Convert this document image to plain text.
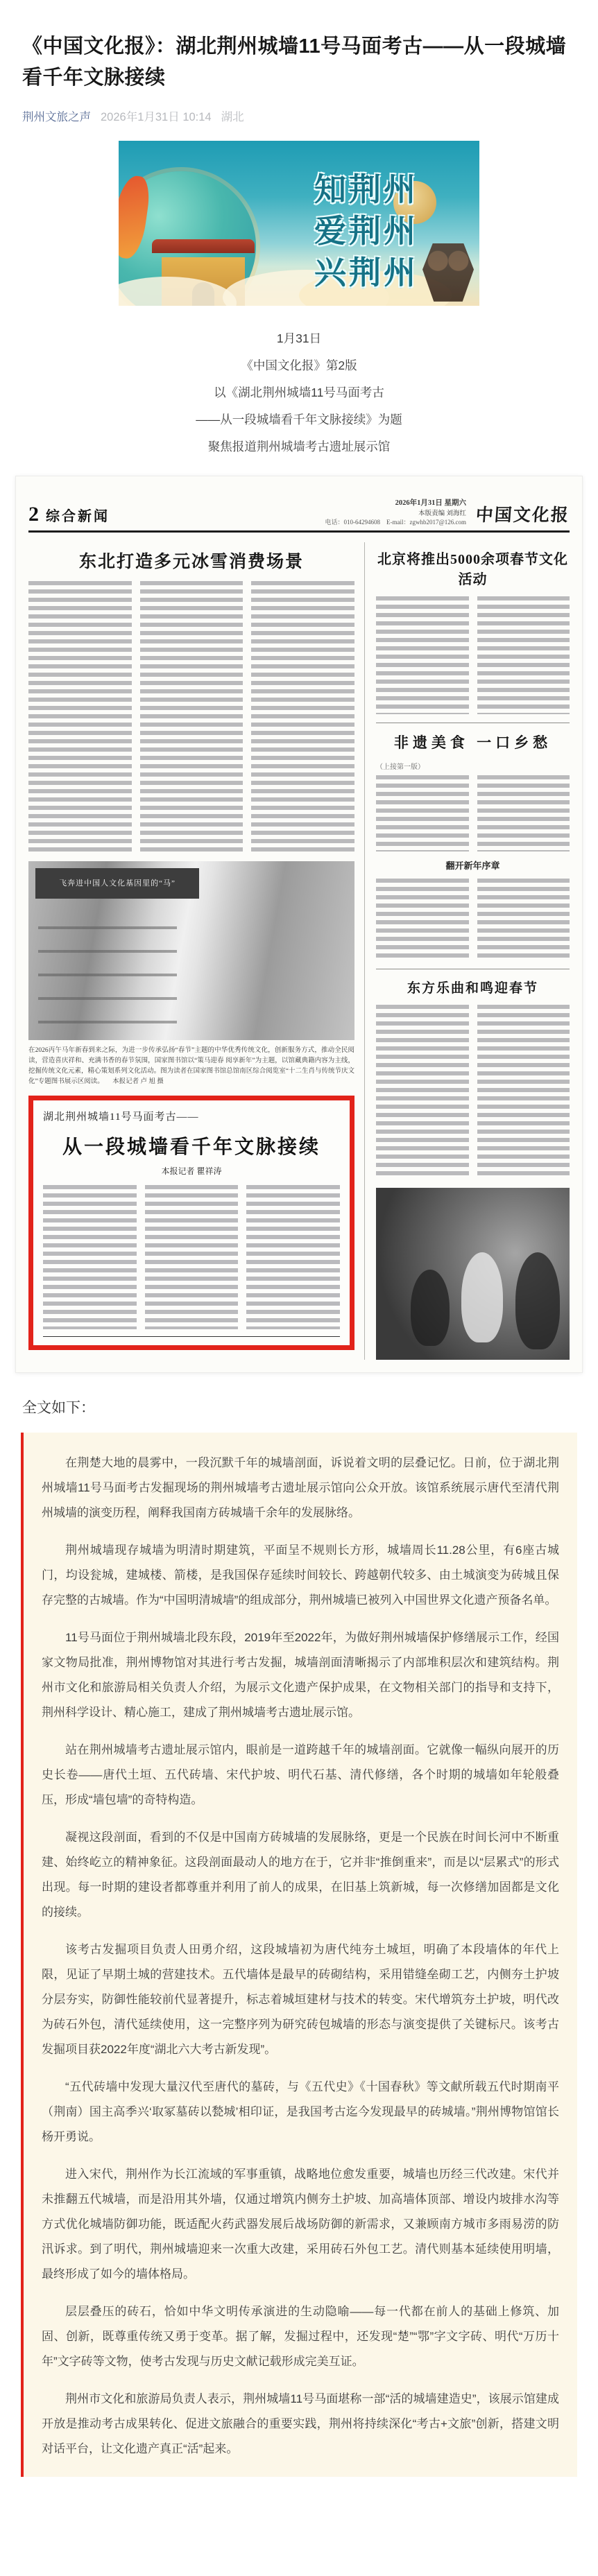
《中国文化报》：湖北荆州城墙11号马面考古——从一段城墙看千年文脉接续
荆州文旅之声 2026年1月31日 10:14 湖北
知荆州
爱荆州
兴荆州
1月31日
《中国文化报》第2版
以《湖北荆州城墙11号马面考古
——从一段城墙看千年文脉接续》为题
聚焦报道荆州城墙考古遗址展示馆
2 综合新闻
2026年1月31日 星期六
本版责编 刘海红
电话：010-64294608　E-mail：zgwhb2017@126.com 中国文化报
东北打造多元冰雪消费场景
飞奔进中国人文化基因里的“马”
在2026丙午马年新春到来之际，为进一步传承弘扬“春节”主题的中华优秀传统文化，创新服务方式，推动全民阅读，营造喜庆祥和、充满书香的春节氛围，国家图书馆以“策马迎春 阅享新年”为主题，以馆藏典籍内容为主线，挖掘传统文化元素，精心策划系列文化活动。图为读者在国家图书馆总馆南区综合阅览室“十二生肖与传统节庆文化”专题图书展示区阅读。 本报记者 卢 旭 摄
湖北荆州城墙11号马面考古——
从一段城墙看千年文脉接续
本报记者 瞿祥涛
北京将推出5000余项春节文化活动
非遗美食 一口乡愁
（上接第一版）
翻开新年序章
东方乐曲和鸣迎春节
全文如下：

在荆楚大地的晨雾中，一段沉默千年的城墙剖面，诉说着文明的层叠记忆。日前，位于湖北荆州城墙11号马面考古发掘现场的荆州城墙考古遗址展示馆向公众开放。该馆系统展示唐代至清代荆州城墙的演变历程，阐释我国南方砖城墙千余年的发展脉络。

荆州城墙现存城墙为明清时期建筑，平面呈不规则长方形，城墙周长11.28公里，有6座古城门，均设瓮城，建城楼、箭楼，是我国保存延续时间较长、跨越朝代较多、由土城演变为砖城且保存完整的古城墙。作为“中国明清城墙”的组成部分，荆州城墙已被列入中国世界文化遗产预备名单。

11号马面位于荆州城墙北段东段，2019年至2022年，为做好荆州城墙保护修缮展示工作，经国家文物局批准，荆州博物馆对其进行考古发掘，城墙剖面清晰揭示了内部堆积层次和建筑结构。荆州市文化和旅游局相关负责人介绍，为展示文化遗产保护成果，在文物相关部门的指导和支持下，荆州科学设计、精心施工，建成了荆州城墙考古遗址展示馆。

站在荆州城墙考古遗址展示馆内，眼前是一道跨越千年的城墙剖面。它就像一幅纵向展开的历史长卷——唐代土垣、五代砖墙、宋代护坡、明代石基、清代修缮，各个时期的城墙如年轮般叠压，形成“墙包墙”的奇特构造。

凝视这段剖面，看到的不仅是中国南方砖城墙的发展脉络，更是一个民族在时间长河中不断重建、始终屹立的精神象征。这段剖面最动人的地方在于，它并非“推倒重来”，而是以“层累式”的形式出现。每一时期的建设者都尊重并利用了前人的成果，在旧基上筑新城，每一次修缮加固都是文化的接续。

该考古发掘项目负责人田勇介绍，这段城墙初为唐代纯夯土城垣，明确了本段墙体的年代上限，见证了早期土城的营建技术。五代墙体是最早的砖砌结构，采用错缝垒砌工艺，内侧夯土护坡分层夯实，防御性能较前代显著提升，标志着城垣建材与技术的转变。宋代增筑夯土护坡，明代改为砖石外包，清代延续使用，这一完整序列为研究砖包城墙的形态与演变提供了关键标尺。该考古发掘项目获2022年度“湖北六大考古新发现”。

“五代砖墙中发现大量汉代至唐代的墓砖，与《五代史》《十国春秋》等文献所载五代时期南平（荆南）国主高季兴‘取冢墓砖以甃城’相印证，是我国考古迄今发现最早的砖城墙。”荆州博物馆馆长杨开勇说。

进入宋代，荆州作为长江流域的军事重镇，战略地位愈发重要，城墙也历经三代改建。宋代并未推翻五代城墙，而是沿用其外墙，仅通过增筑内侧夯土护坡、加高墙体顶部、增设内坡排水沟等方式优化城墙防御功能，既适配火药武器发展后战场防御的新需求，又兼顾南方城市多雨易涝的防汛诉求。到了明代，荆州城墙迎来一次重大改建，采用砖石外包工艺。清代则基本延续使用明墙，最终形成了如今的墙体格局。

层层叠压的砖石，恰如中华文明传承演进的生动隐喻——每一代都在前人的基础上修筑、加固、创新，既尊重传统又勇于变革。据了解，发掘过程中，还发现“楚”“鄂”字文字砖、明代“万历十年”文字砖等文物，使考古发现与历史文献记载形成完美互证。

荆州市文化和旅游局负责人表示，荆州城墙11号马面堪称一部“活的城墙建造史”，该展示馆建成开放是推动考古成果转化、促进文旅融合的重要实践，荆州将持续深化“考古+文旅”创新，搭建文明对话平台，让文化遗产真正“活”起来。
